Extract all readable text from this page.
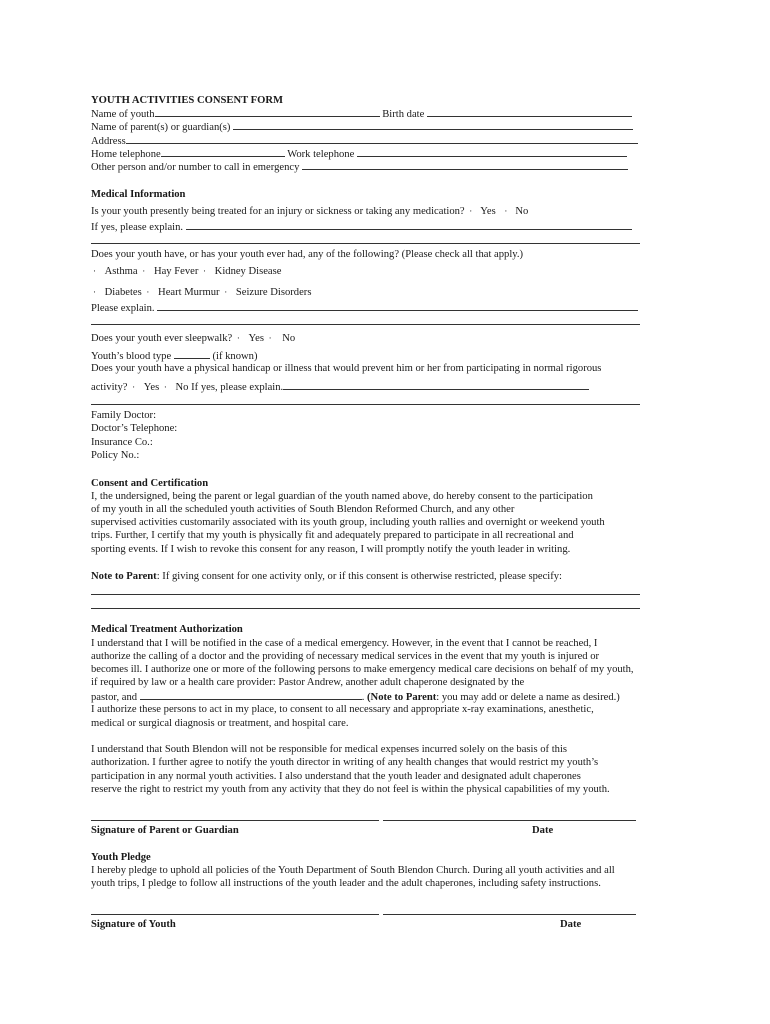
YOUTH ACTIVITIES CONSENT FORM
Name of youth	Birth date
Name of parent(s) or guardian(s)
Address
Home telephone	Work telephone
Other person and/or number to call in emergency
Medical Information
Is your youth presently being treated for an injury or sickness or taking any medication? · Yes · No
If yes, please explain.
Does your youth have, or has your youth ever had, any of the following? (Please check all that apply.)
· Asthma · Hay Fever · Kidney Disease
· Diabetes · Heart Murmur · Seizure Disorders
Please explain.
Does your youth ever sleepwalk? · Yes · No
Youth’s blood type	(if known)
Does your youth have a physical handicap or illness that would prevent him or her from participating in normal rigorous
activity? · Yes · No If yes, please explain.
Family Doctor:
Doctor’s Telephone:
Insurance Co.:
Policy No.:
Consent and Certification
I, the undersigned, being the parent or legal guardian of the youth named above, do hereby consent to the participation
of my youth in all the scheduled youth activities of South Blendon Reformed Church, and any other
supervised activities customarily associated with its youth group, including youth rallies and overnight or weekend youth
trips. Further, I certify that my youth is physically fit and adequately prepared to participate in all recreational and
sporting events. If I wish to revoke this consent for any reason, I will promptly notify the youth leader in writing.
Note to Parent: If giving consent for one activity only, or if this consent is otherwise restricted, please specify:
Medical Treatment Authorization
I understand that I will be notified in the case of a medical emergency. However, in the event that I cannot be reached, I
authorize the calling of a doctor and the providing of necessary medical services in the event that my youth is injured or
becomes ill. I authorize one or more of the following persons to make emergency medical care decisions on behalf of my youth,
if required by law or a health care provider: Pastor Andrew, another adult chaperone designated by the
pastor, and	. (Note to Parent: you may add or delete a name as desired.)
I authorize these persons to act in my place, to consent to all necessary and appropriate x-ray examinations, anesthetic,
medical or surgical diagnosis or treatment, and hospital care.
I understand that South Blendon will not be responsible for medical expenses incurred solely on the basis of this
authorization. I further agree to notify the youth director in writing of any health changes that would restrict my youth’s
participation in any normal youth activities. I also understand that the youth leader and designated adult chaperones
reserve the right to restrict my youth from any activity that they do not feel is within the physical capabilities of my youth.
Signature of Parent or Guardian	Date
Youth Pledge
I hereby pledge to uphold all policies of the Youth Department of South Blendon Church. During all youth activities and all
youth trips, I pledge to follow all instructions of the youth leader and the adult chaperones, including safety instructions.
Signature of Youth	Date
